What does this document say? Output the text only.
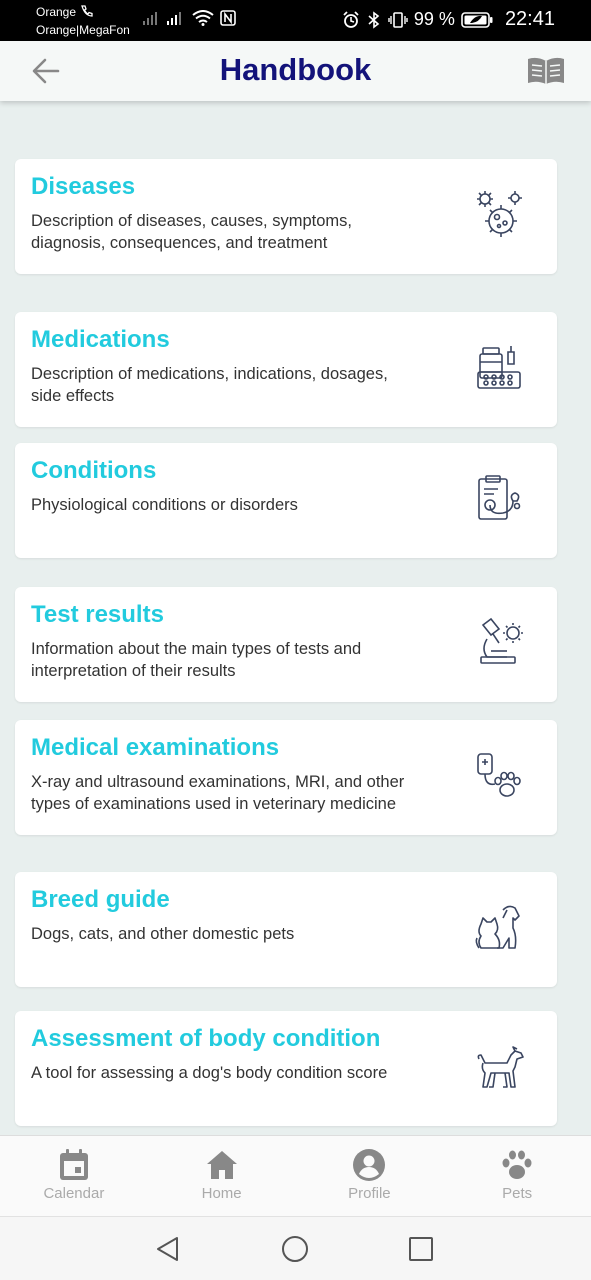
Orange
Orange|MegaFon
99 %	22:41
Handbook
Diseases
Description of diseases, causes, symptoms, diagnosis, consequences, and treatment
Medications
Description of medications, indications, dosages, side effects
Conditions
Physiological conditions or disorders
Test results
Information about the main types of tests and interpretation of their results
Medical examinations
X-ray and ultrasound examinations, MRI, and other types of examinations used in veterinary medicine
Breed guide
Dogs, cats, and other domestic pets
Assessment of body condition
A tool for assessing a dog's body condition score
Calendar	Home	Profile	Pets
